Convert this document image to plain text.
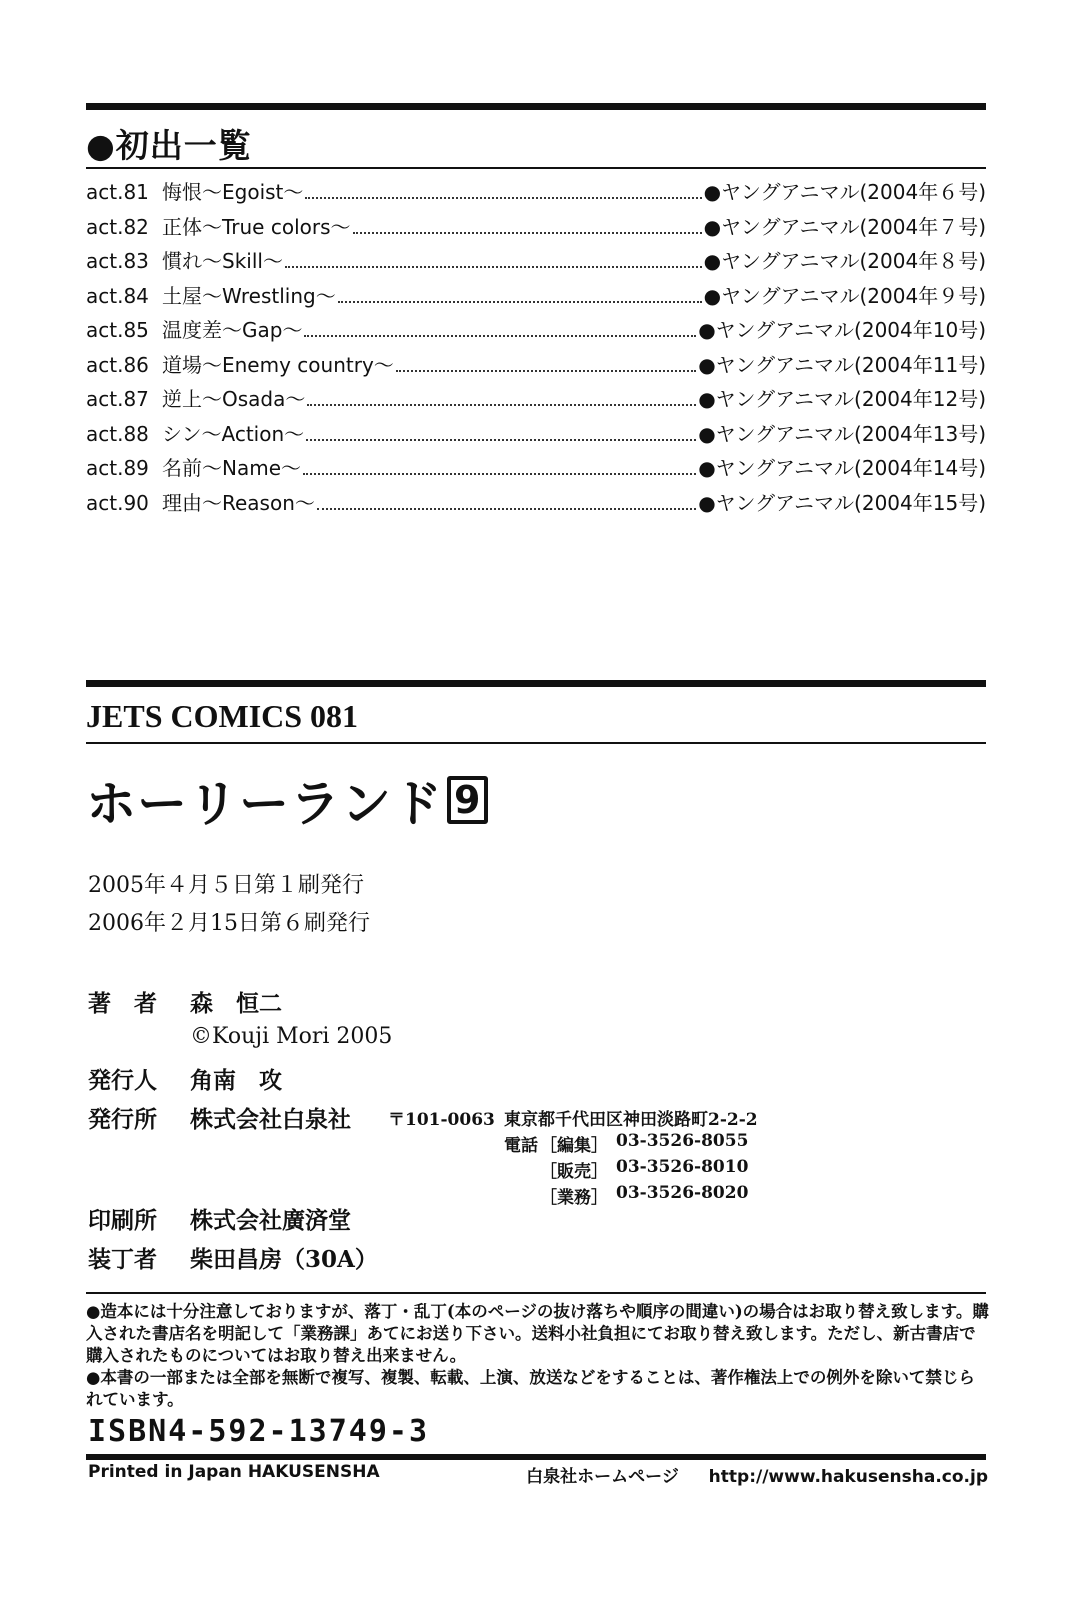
●初出一覧
act.81 悔恨〜Egoist〜	●ヤングアニマル(2004年６号)
act.82 正体〜True colors〜	●ヤングアニマル(2004年７号)
act.83 慣れ〜Skill〜	●ヤングアニマル(2004年８号)
act.84 土屋〜Wrestling〜	●ヤングアニマル(2004年９号)
act.85 温度差〜Gap〜	●ヤングアニマル(2004年10号)
act.86 道場〜Enemy country〜	●ヤングアニマル(2004年11号)
act.87 逆上〜Osada〜	●ヤングアニマル(2004年12号)
act.88 シン〜Action〜	●ヤングアニマル(2004年13号)
act.89 名前〜Name〜	●ヤングアニマル(2004年14号)
act.90 理由〜Reason〜	●ヤングアニマル(2004年15号)
JETS COMICS 081
ホーリーランド 9
2005年４月５日第１刷発行
2006年２月15日第６刷発行
著　者 森　恒二
©Kouji Mori 2005
発行人 角南　攻
発行所 株式会社白泉社 〒101-0063 東京都千代田区神田淡路町2-2-2
電話 ［編集］ 03-3526-8055
［販売］ 03-3526-8010
［業務］ 03-3526-8020
印刷所 株式会社廣済堂
装丁者 柴田昌房（30A）

●造本には十分注意しておりますが、落丁・乱丁(本のページの抜け落ちや順序の間違い)の場合はお取り替え致します。購入された書店名を明記して「業務課」あてにお送り下さい。送料小社負担にてお取り替え致します。ただし、新古書店で購入されたものについてはお取り替え出来ません。

●本書の一部または全部を無断で複写、複製、転載、上演、放送などをすることは、著作権法上での例外を除いて禁じられています。

ISBN4-592-13749-3
Printed in Japan HAKUSENSHA	白泉社ホームページ http://www.hakusensha.co.jp
